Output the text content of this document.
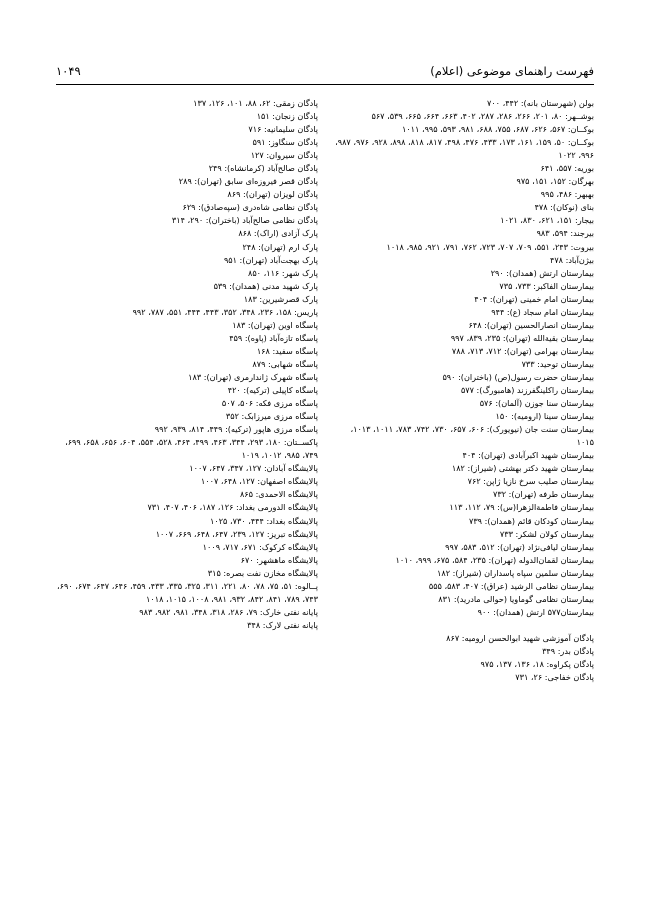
۱۰۴۹	فهرست راهنمای موضوعی (اعلام)
بولن (شهرستان بانه): ۴۴۲، ۷۰۰
بوشــهر: ۸۰، ۲۰۱، ۲۶۶، ۲۸۶، ۲۸۷، ۴۰۲، ۶۶۳، ۶۶۴، ۶۶۵، ۵۳۹، ۵۶۷
بوکــان: ۵۶۷، ۶۲۶، ۶۸۷، ۷۵۵، ۶۸۸، ۹۸۱، ۵۹۳، ۹۹۵، ۱۰۱۱
بوکــان: ۵۰، ۱۵۹، ۱۶۱، ۱۷۳، ۴۳۳، ۴۷۶، ۴۹۸، ۸۱۷، ۸۱۸، ۸۹۸، ۹۲۸، ۹۷۶، ۹۸۷، ۹۹۶، ۱۰۲۲
بوریه: ۵۵۷، ۶۴۱
بهرگان: ۱۵۲، ۱۵۱، ۹۷۵
بهبهر: ۴۸۶، ۹۹۵
بنای (نوکان): ۴۷۸
بیجار: ۱۵۱، ۶۲۱، ۸۳۰، ۱۰۲۱
بیرجند: ۵۹۴، ۹۸۳
بیروت: ۲۴۳، ۵۵۱، ۷۰۹، ۷۰۷، ۷۲۳، ۷۶۲، ۷۹۱، ۹۲۱، ۹۸۵، ۱۰۱۸
بیژن‌آباد: ۴۷۸
بیمارستان ارتش (همدان): ۲۹۰
بیمارستان الفاکبر: ۷۳۳، ۷۳۵
بیمارستان امام خمینی (تهران): ۴۰۴
بیمارستان امام سجاد (ع): ۹۴۴
بیمارستان انصارالحسین (تهران): ۶۴۸
بیمارستان بقیةالله (تهران): ۲۳۵، ۸۳۹، ۹۹۷
بیمارستان بهرامی (تهران): ۷۱۲، ۷۱۳، ۷۸۸
بیمارستان توحید: ۷۳۳
بیمارستان حضرت رسول(ص) (باختران): ۵۹۰
بیمارستان راکلینگفرزند (هامبورگ): ۵۷۷
بیمارستان سنا جوزن (آلمان): ۵۷۶
بیمارستان سینا (ارومیه): ۱۵۰
بیمارستان سنت جان (نیویورک): ۶۰۶، ۶۵۷، ۷۳۰، ۷۴۲، ۷۸۳، ۱۰۱۱، ۱۰۱۳، ۱۰۱۵
بیمارستان شهید اکبرآبادی (تهران): ۴۰۴
بیمارستان شهید دکتر بهشتی (شیراز): ۱۸۲
بیمارستان صلیب سرخ نازیا ژاپن: ۷۶۲
بیمارستان طرفه (تهران): ۷۳۲
بیمارستان فاطمةالزهرا(س): ۷۹، ۱۱۲، ۱۱۳
بیمارستان کودکان قائم (همدان): ۷۳۹
بیمارستان کولان لشکر: ۷۳۳
بیمارستان لیافی‌نژاد (تهران): ۵۱۲، ۵۸۳، ۹۹۷
بیمارستان لقمان‌الدوله (تهران): ۲۳۵، ۵۸۴، ۶۷۵، ۹۹۹، ۱۰۱۰
بیمارستان سلمین سپاه پاسداران (شیراز): ۱۸۲
بیمارستان نظامی الرشید (عراق): ۴۰۷، ۵۸۳، ۵۵۵
بیمارستان نظامی گوماویا (حوالی مادرید): ۸۳۱
بیمارستان۵۷۷ ارتش (همدان): ۹۰۰
پادگان آموزشی شهید ابوالحسن ارومیه: ۸۶۷
پادگان بدر: ۳۴۹
پادگان پکراوه: ۱۸، ۱۳۶، ۱۳۷، ۹۷۵
پادگان خفاجی: ۲۶، ۷۳۱
پادگان زمقی: ۶۲، ۸۸، ۱۰۱، ۱۲۶، ۱۳۷
پادگان زنجان: ۱۵۱
پادگان سلیمانیه: ۷۱۶
پادگان سنگاوز: ۵۹۱
پادگان سیروان: ۱۲۷
پادگان صالح‌آباد (کرمانشاه): ۲۴۹
پادگان قصر فیروزه‌ای سابق (تهران): ۲۸۹
پادگان لویزان (تهران): ۸۶۹
پادگان نظامی شاه‌دری (سپه‌صادق): ۶۲۹
پادگان نظامی صالح‌آباد (باختران): ۲۹۰، ۳۱۴
پارک آزادی (اراک): ۸۶۸
پارک ارم (تهران): ۲۴۸
پارک بهجت‌آباد (تهران): ۹۵۱
پارک شهر: ۱۱۶، ۸۵۰
پارک شهید مدنی (همدان): ۵۳۹
پارک قصرشیرین: ۱۸۳
پاریس: ۱۵۸، ۲۳۶، ۳۴۸، ۳۵۲، ۴۴۳، ۴۴۴، ۵۵۱، ۷۸۷، ۹۹۲
پاسگاه اوین (تهران): ۱۸۳
پاسگاه تازه‌آباد (پاوه): ۴۵۹
پاسگاه سفید: ۱۶۸
پاسگاه شهابی: ۸۷۹
پاسگاه شهرک ژاندارمری (تهران): ۱۸۳
پاسگاه کاپیلی (ترکیه): ۴۲۰
پاسگاه مرزی فکه: ۵۰۶، ۵۰۷
پاسگاه مرزی میرزا‌بک: ۳۵۲
پاسگاه مرزی هاپور (ترکیه): ۴۴۹، ۸۱۴، ۹۳۹، ۹۹۲
پاکســتان: ۱۸۰، ۲۹۳، ۳۴۴، ۴۶۳، ۴۹۹، ۴۶۴، ۵۲۸، ۵۵۴، ۶۰۴، ۶۵۶، ۶۵۸، ۶۹۹، ۷۴۹، ۹۸۵، ۱۰۱۲، ۱۰۱۹
پالایشگاه آبادان: ۱۲۷، ۳۴۷، ۶۴۷، ۱۰۰۷
پالایشگاه اصفهان: ۱۲۷، ۶۴۸، ۱۰۰۷
پالایشگاه الاحمدی: ۸۶۵
پالایشگاه الدورمی بغداد: ۱۲۶، ۱۸۷، ۴۰۶، ۴۰۷، ۷۳۱
پالایشگاه بغداد: ۴۴۴، ۷۳۰، ۱۰۲۵
پالایشگاه تبریز: ۱۲۷، ۲۳۹، ۶۴۷، ۶۴۸، ۶۶۹، ۱۰۰۷
پالایشگاه کرکوک: ۶۷۱، ۷۱۷، ۱۰۰۹
پالایشگاه ماهشهر: ۶۷۰
پالایشگاه مخازن نفت بصره: ۳۱۵
پــالوه: ۵۱، ۷۵، ۷۸، ۸۰، ۲۲۱، ۳۱۱، ۳۲۵، ۳۳۵، ۴۳۳، ۴۵۹، ۶۴۶، ۶۴۷، ۶۷۴، ۶۹۰، ۷۴۳، ۷۸۹، ۸۴۱، ۸۴۲، ۹۳۲، ۹۸۱، ۱۰۰۸، ۱۰۱۵، ۱۰۱۸
پایانه نفتی خارک: ۷۹، ۲۸۶، ۳۱۸، ۳۴۸، ۹۸۱، ۹۸۲، ۹۸۳
پایانه نفتی لارک: ۳۴۸
